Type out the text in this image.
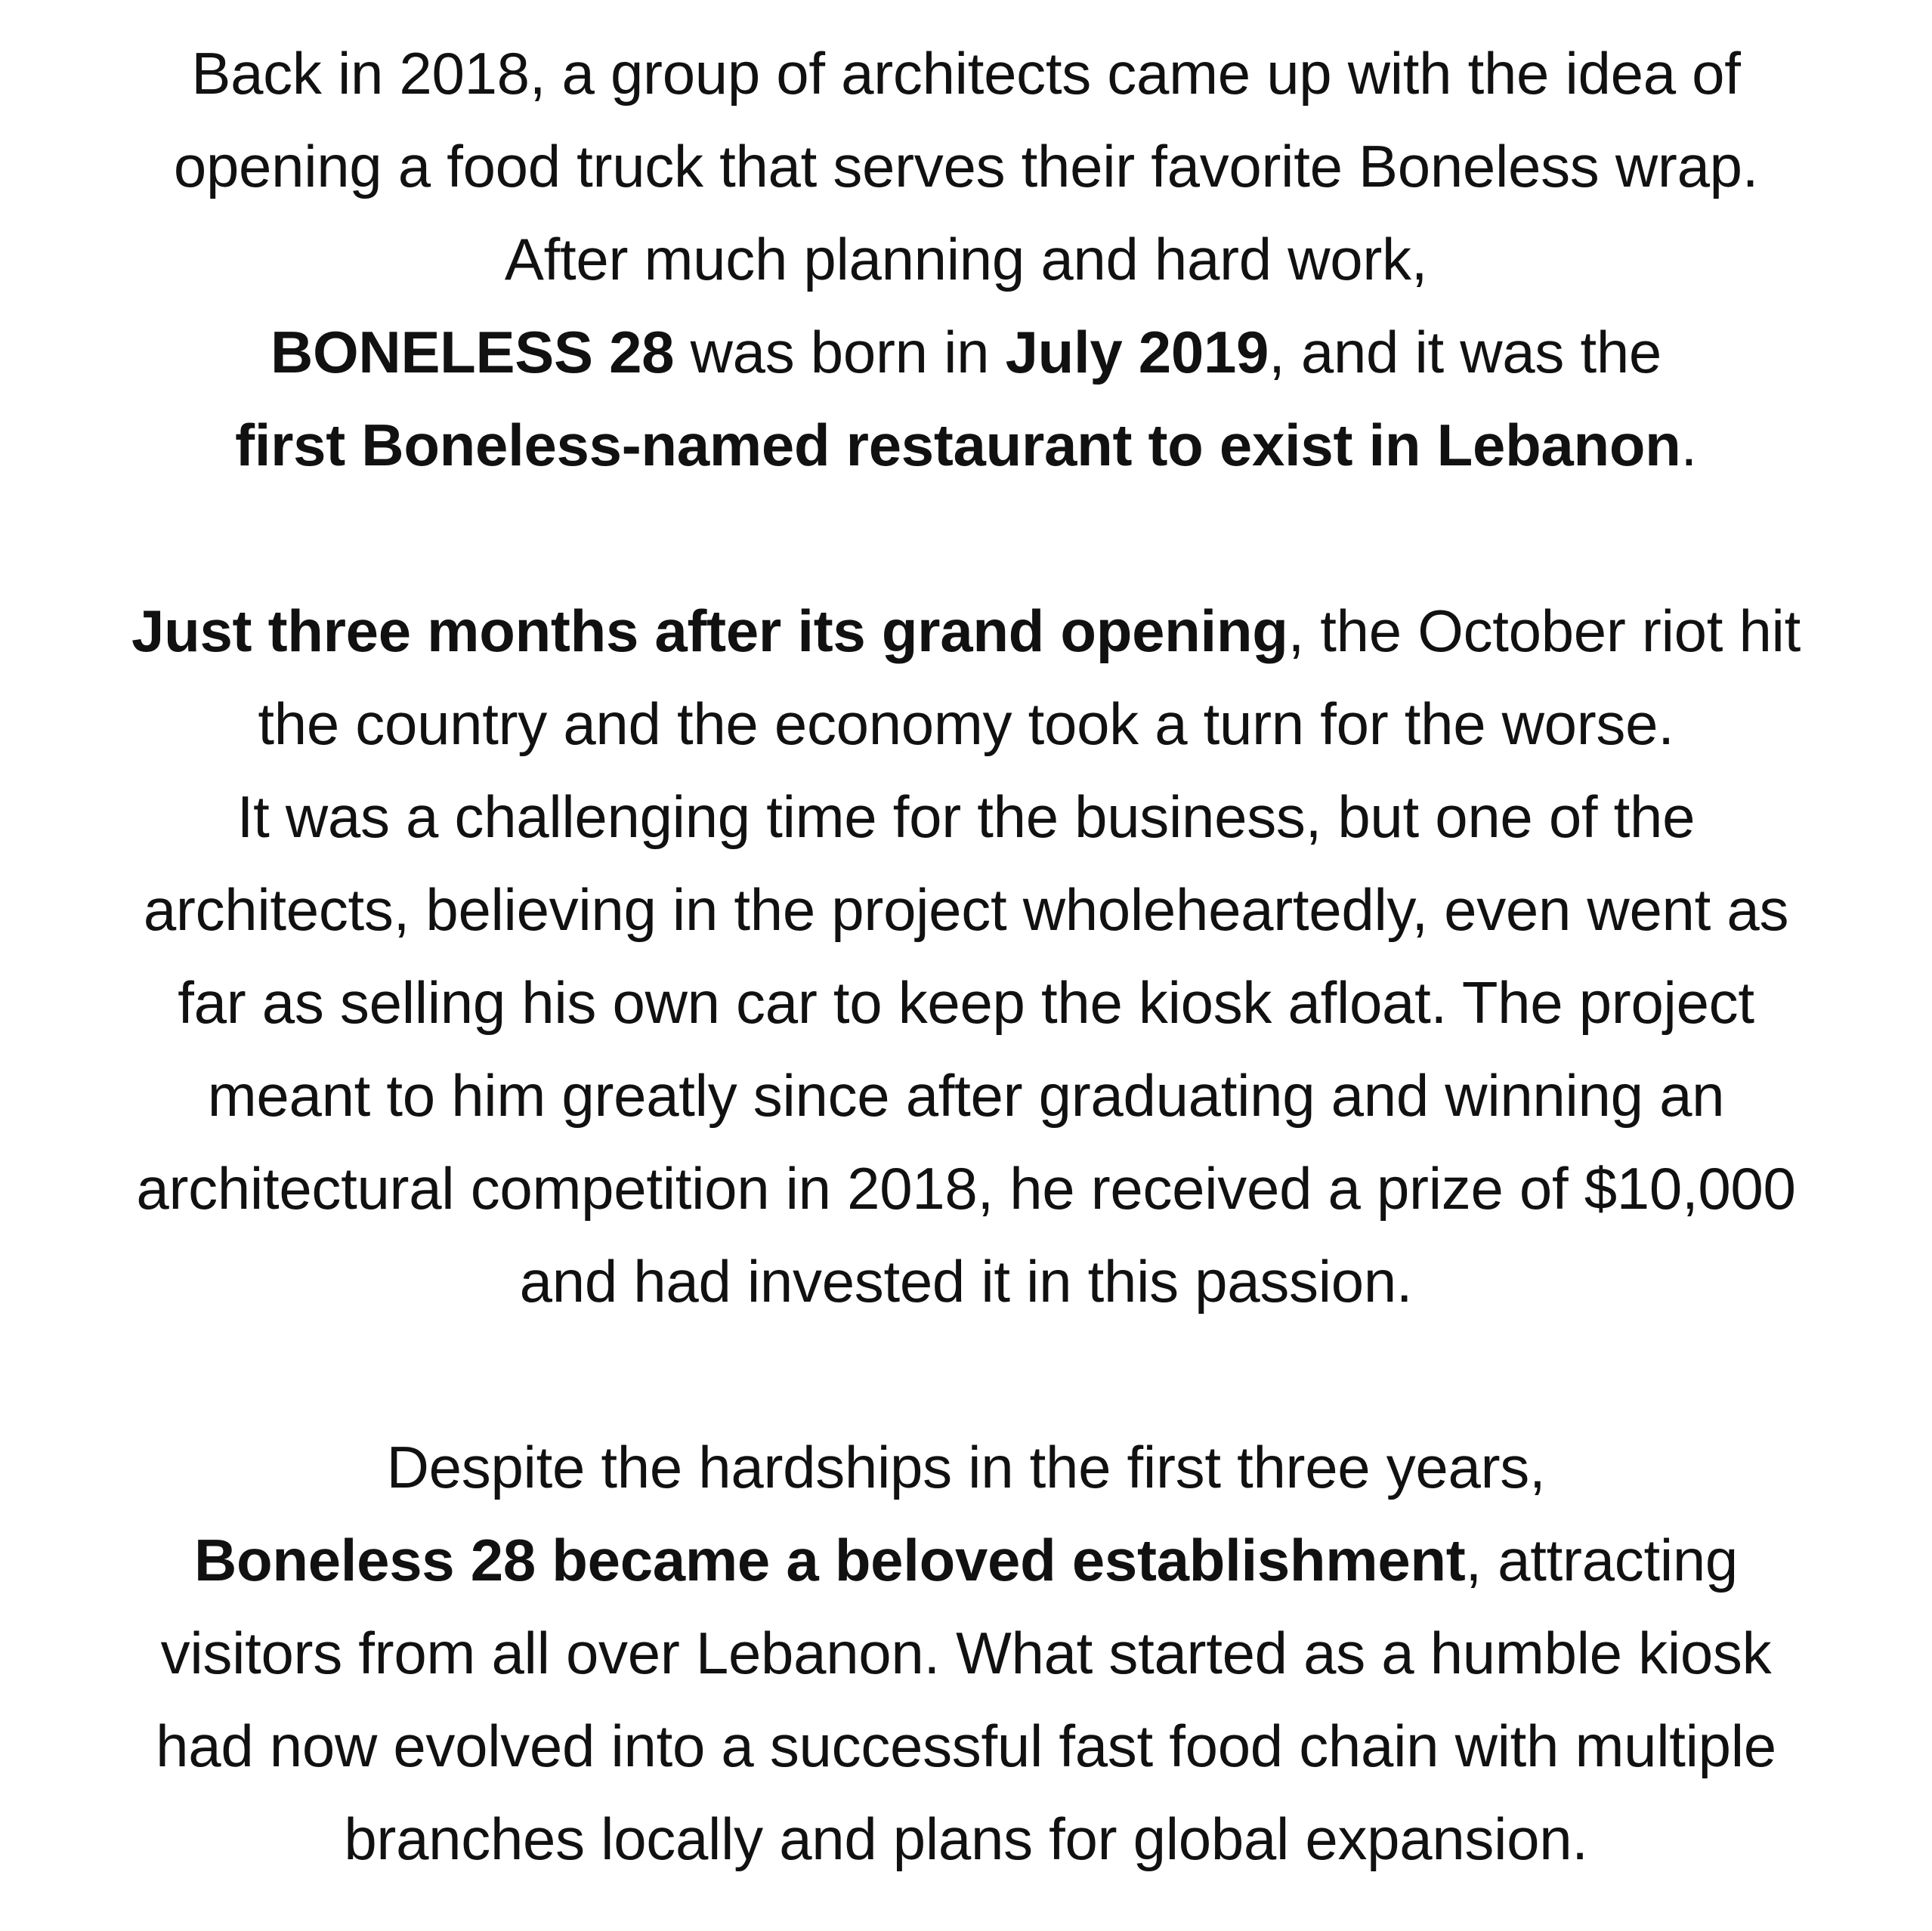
Back in 2018, a group of architects came up with the idea of
opening a food truck that serves their favorite Boneless wrap.
After much planning and hard work,
BONELESS 28 was born in July 2019, and it was the
first Boneless-named restaurant to exist in Lebanon.
Just three months after its grand opening, the October riot hit
the country and the economy took a turn for the worse.
It was a challenging time for the business, but one of the
architects, believing in the project wholeheartedly, even went as
far as selling his own car to keep the kiosk afloat. The project
meant to him greatly since after graduating and winning an
architectural competition in 2018, he received a prize of $10,000
and had invested it in this passion.
Despite the hardships in the first three years,
Boneless 28 became a beloved establishment, attracting
visitors from all over Lebanon. What started as a humble kiosk
had now evolved into a successful fast food chain with multiple
branches locally and plans for global expansion.
